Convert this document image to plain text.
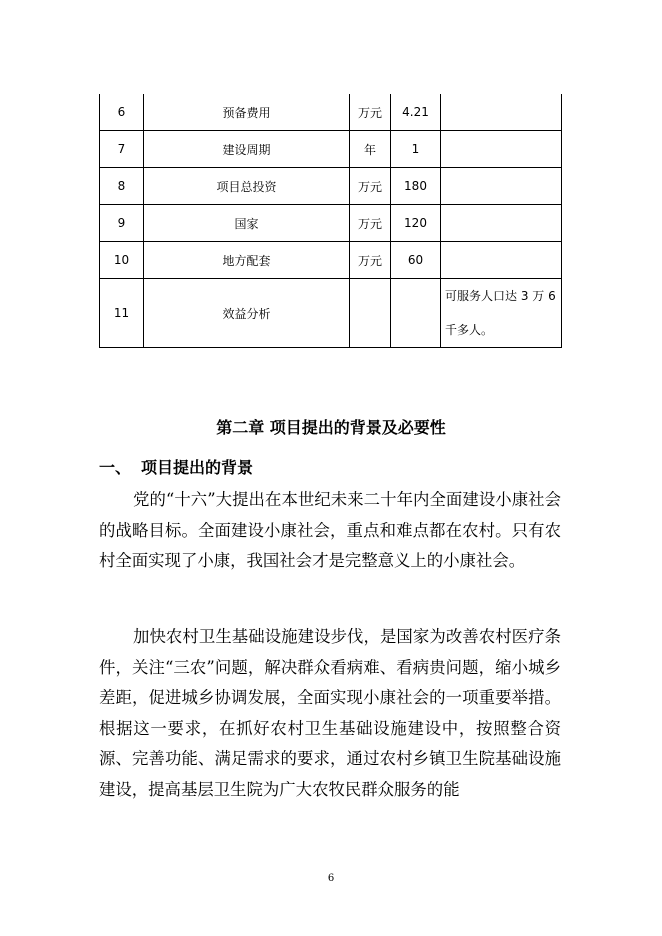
6	预备费用	万元	4.21	
7	建设周期	年	1	
8	项目总投资	万元	180	
9	国家	万元	120	
10	地方配套	万元	60	
11	效益分析			可服务人口达 3 万 6
千多人。
第二章 项目提出的背景及必要性
一、 项目提出的背景

党的“十六”大提出在本世纪未来二十年内全面建设小康社会的战略目标。全面建设小康社会，重点和难点都在农村。只有农村全面实现了小康，我国社会才是完整意义上的小康社会。

加快农村卫生基础设施建设步伐，是国家为改善农村医疗条件，关注“三农”问题，解决群众看病难、看病贵问题，缩小城乡差距，促进城乡协调发展，全面实现小康社会的一项重要举措。根据这一要求，在抓好农村卫生基础设施建设中，按照整合资源、完善功能、满足需求的要求，通过农村乡镇卫生院基础设施建设，提高基层卫生院为广大农牧民群众服务的能

6
